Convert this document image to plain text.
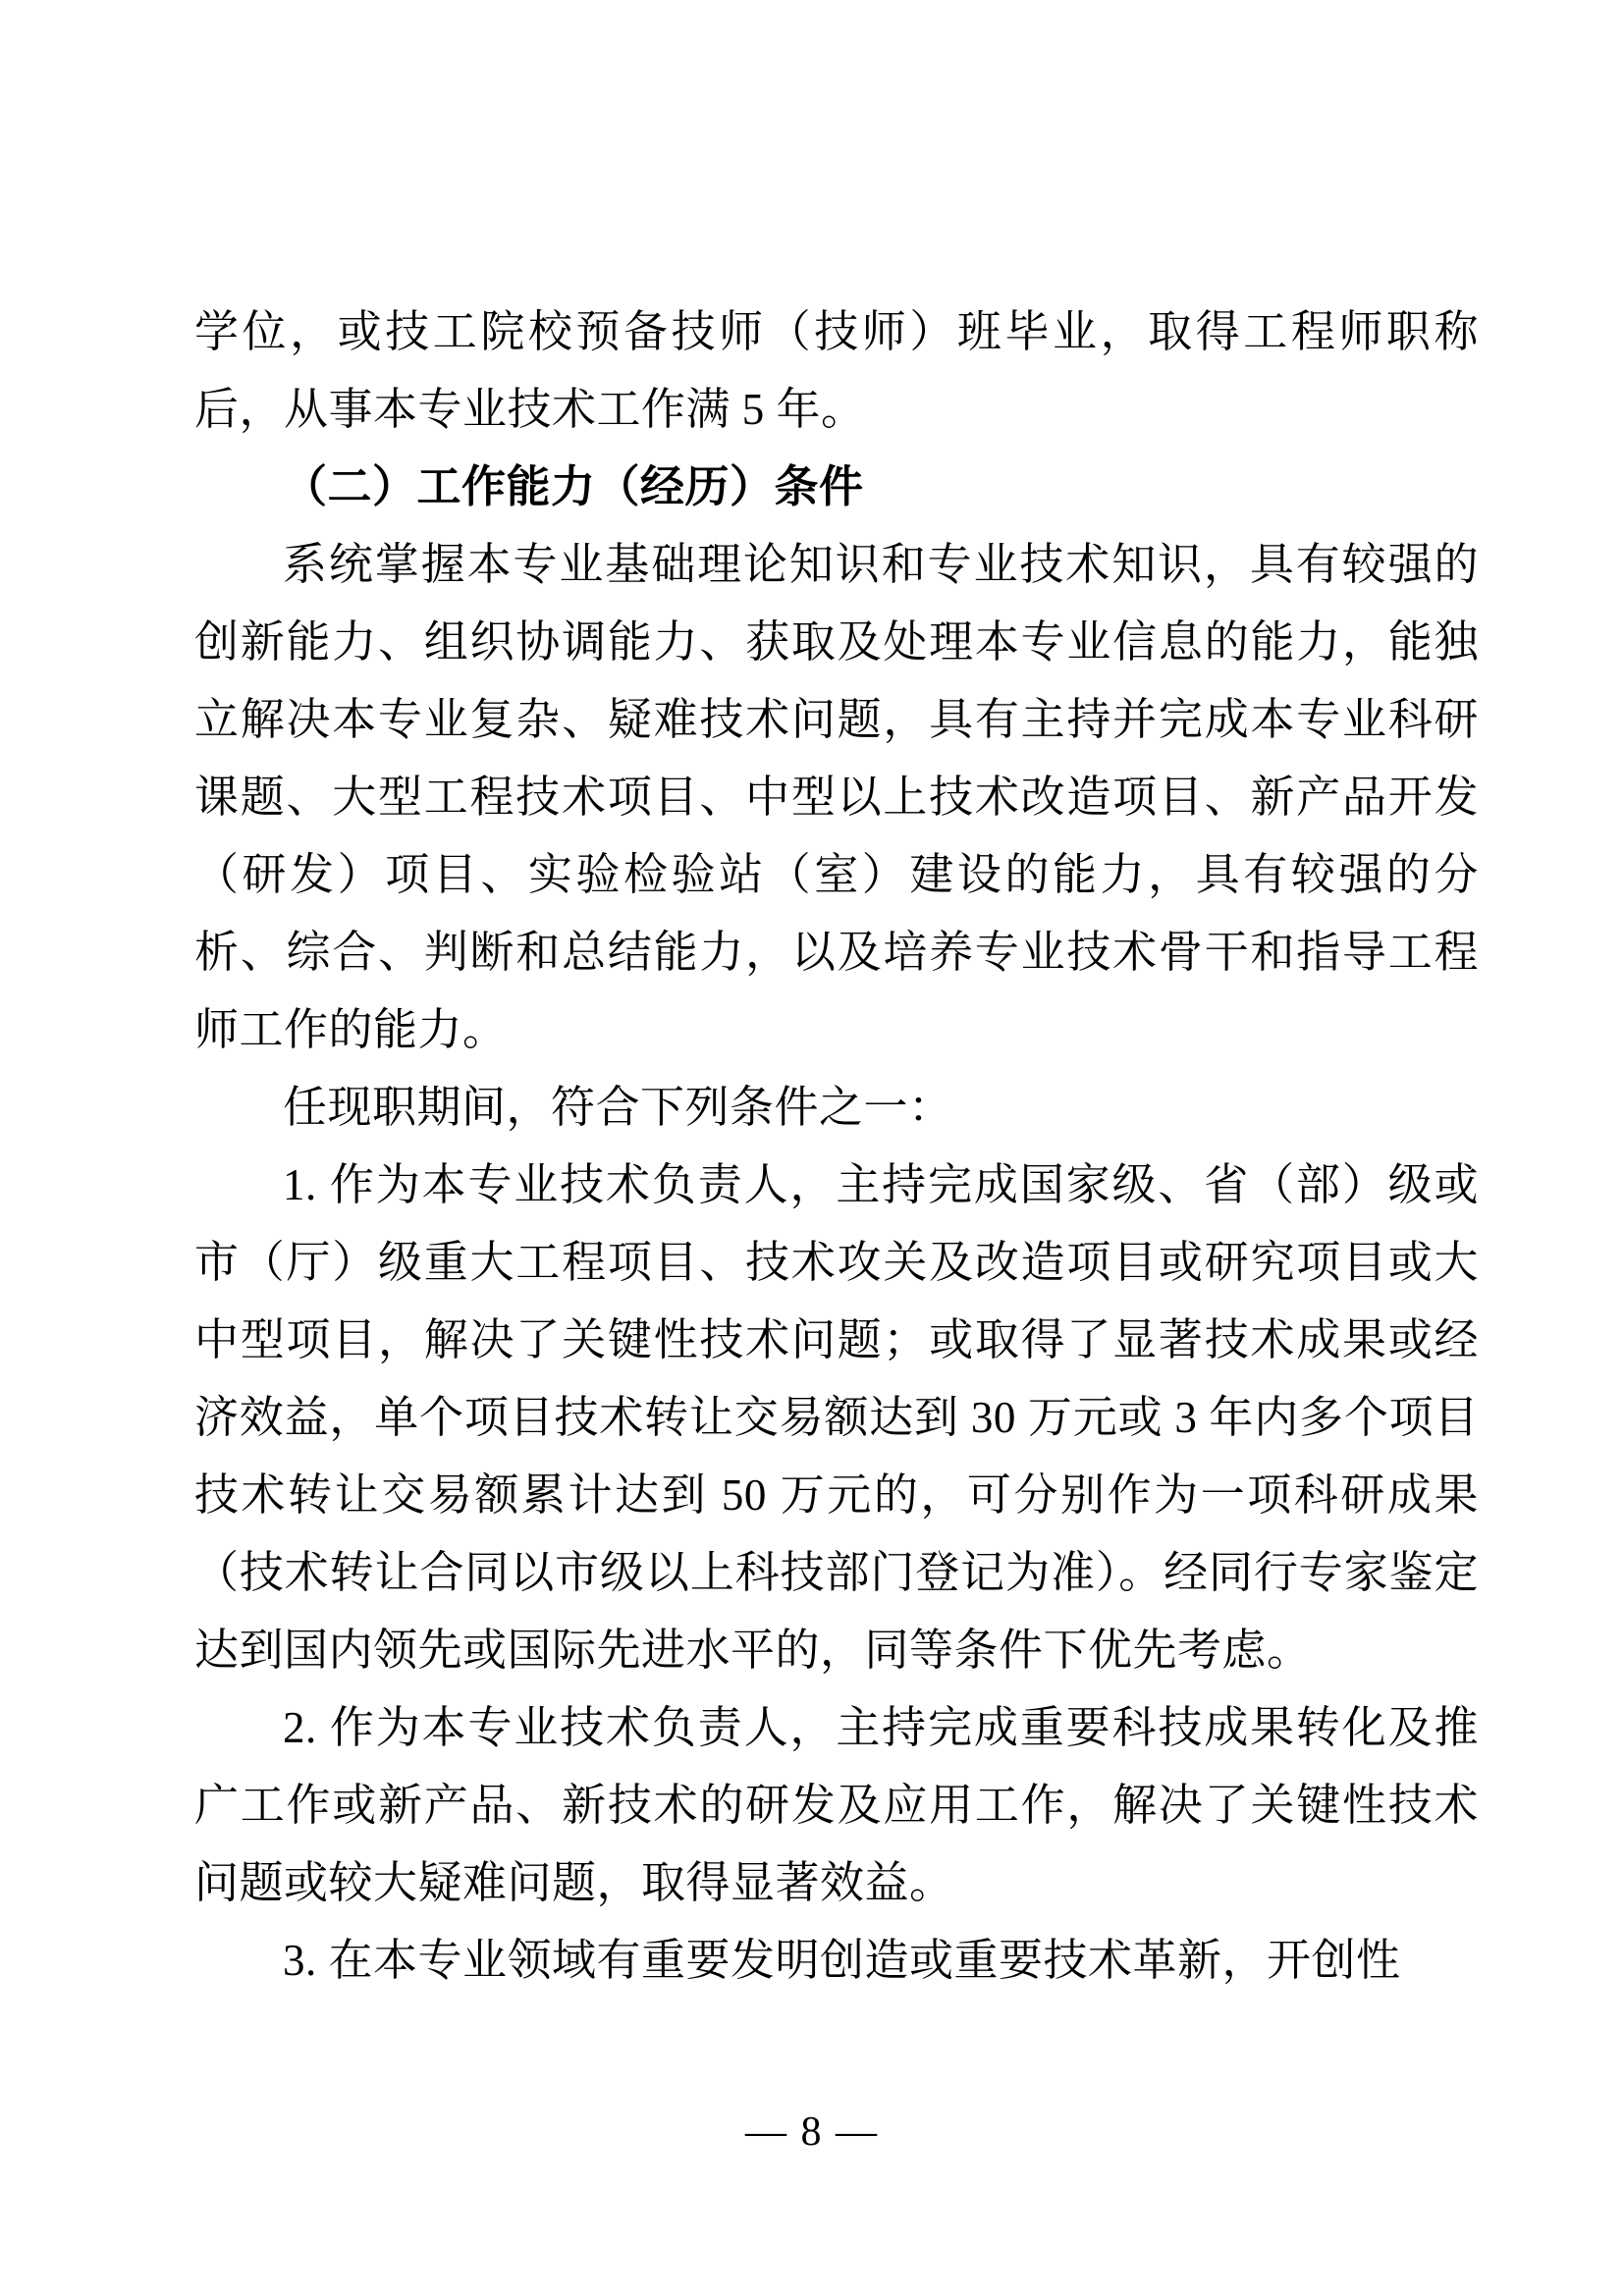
学位，或技工院校预备技师（技师）班毕业，取得工程师职称后，从事本专业技术工作满 5 年。

（二）工作能力（经历）条件

系统掌握本专业基础理论知识和专业技术知识，具有较强的创新能力、组织协调能力、获取及处理本专业信息的能力，能独立解决本专业复杂、疑难技术问题，具有主持并完成本专业科研课题、大型工程技术项目、中型以上技术改造项目、新产品开发（研发）项目、实验检验站（室）建设的能力，具有较强的分析、综合、判断和总结能力，以及培养专业技术骨干和指导工程师工作的能力。

任现职期间，符合下列条件之一：

1. 作为本专业技术负责人，主持完成国家级、省（部）级或市（厅）级重大工程项目、技术攻关及改造项目或研究项目或大中型项目，解决了关键性技术问题；或取得了显著技术成果或经济效益，单个项目技术转让交易额达到 30 万元或 3 年内多个项目技术转让交易额累计达到 50 万元的，可分别作为一项科研成果（技术转让合同以市级以上科技部门登记为准）。经同行专家鉴定达到国内领先或国际先进水平的，同等条件下优先考虑。

2. 作为本专业技术负责人，主持完成重要科技成果转化及推广工作或新产品、新技术的研发及应用工作，解决了关键性技术问题或较大疑难问题，取得显著效益。

3. 在本专业领域有重要发明创造或重要技术革新，开创性

— 8 —
